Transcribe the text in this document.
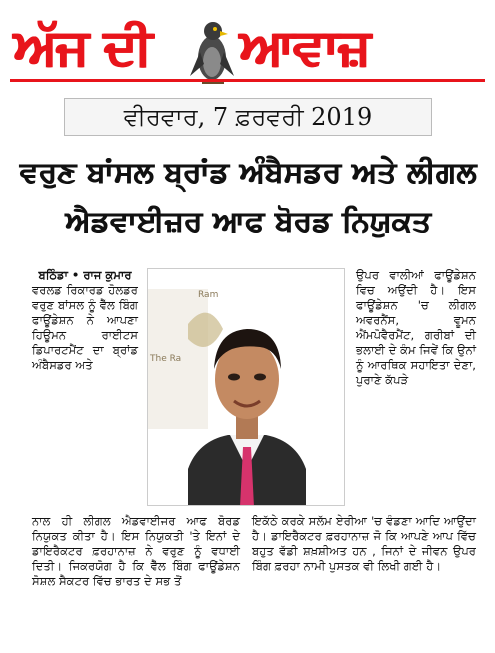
ਅੱਜ ਦੀ	ਆਵਾਜ਼
ਵੀਰਵਾਰ, 7 ਫ਼ਰਵਰੀ 2019
ਵਰੁਣ ਬਾਂਸਲ ਬ੍ਰਾਂਡ ਅੰਬੈਸਡਰ ਅਤੇ ਲੀਗਲ
ਐਡਵਾਈਜ਼ਰ ਆਫ ਬੋਰਡ ਨਿਯੁਕਤ
ਬਠਿੰਡਾ • ਰਾਜ ਕੁਮਾਰ
ਵਰਲਡ ਰਿਕਾਰਡ ਹੋਲਡਰ ਵਰੁਣ ਬਾਂਸਲ ਨੂੰ ਵੈੱਲ ਬਿੰਗ ਫਾਊਂਡੇਸ਼ਨ ਨੇ ਆਪਣਾ ਹਿਊਮਨ ਰਾਈਟਸ ਡਿਪਾਰਟਮੈਂਟ ਦਾ ਬ੍ਰਾਂਡ ਅੰਬੈਸਡਰ ਅਤੇ
Ram
The Ra
ਉਪਰ ਵਾਲੀਆਂ ਫਾਊਂਡੇਸ਼ਨ ਵਿਚ ਅਉਂਦੀ ਹੈ। ਇਸ ਫਾਊਂਡੇਸ਼ਨ 'ਚ ਲੀਗਲ ਅਵਰਨੈਂਸ, ਵੂਮਨ ਐਂਮਪੋਵੈਰਮੈਂਟ, ਗਰੀਬਾਂ ਦੀ ਭਲਾਈ ਦੇ ਕੰਮ ਜਿਵੇਂ ਕਿ ਉਨਾਂ ਨੂੰ ਆਰਥਿਕ ਸਹਾਇਤਾ ਦੇਣਾ, ਪੁਰਾਣੇ ਕੱਪੜੇ
ਨਾਲ ਹੀ ਲੀਗਲ ਐਡਵਾਈਜਰ ਆਫ ਬੋਰਡ ਨਿਯੁਕਤ ਕੀਤਾ ਹੈ। ਇਸ ਨਿਯੁਕਤੀ 'ਤੇ ਇਨਾਂ ਦੇ ਡਾਇਰੈਕਟਰ ਫ਼ਰਹਾਨਾਜ਼ ਨੇ ਵਰੁਣ ਨੂੰ ਵਧਾਈ ਦਿਤੀ। ਜਿਕਰਯੋਗ ਹੈ ਕਿ ਵੈੱਲ ਬਿੰਗ ਫਾਊਂਡੇਸ਼ਨ ਸੋਸ਼ਲ ਸੈਕਟਰ ਵਿੱਚ ਭਾਰਤ ਦੇ ਸਭ ਤੋਂ
ਇਕੱਠੇ ਕਰਕੇ ਸਲੱਮ ਏਰੀਆ 'ਚ ਵੰਡਣਾ ਆਦਿ ਆਉਂਦਾ ਹੈ। ਡਾਇਰੈਕਟਰ ਫ਼ਰਹਾਨਾਜ਼ ਜੋ ਕਿ ਆਪਣੇ ਆਪ ਵਿੱਚ ਬਹੁਤ ਵੱਡੀ ਸ਼ਖ਼ਸ਼ੀਅਤ ਹਨ , ਜਿਨਾਂ ਦੇ ਜੀਵਨ ਉਪਰ ਬਿੰਗ ਫ਼ਰਹਾ ਨਾਮੀ ਪੁਸਤਕ ਵੀ ਲਿਖੀ ਗਈ ਹੈ।
